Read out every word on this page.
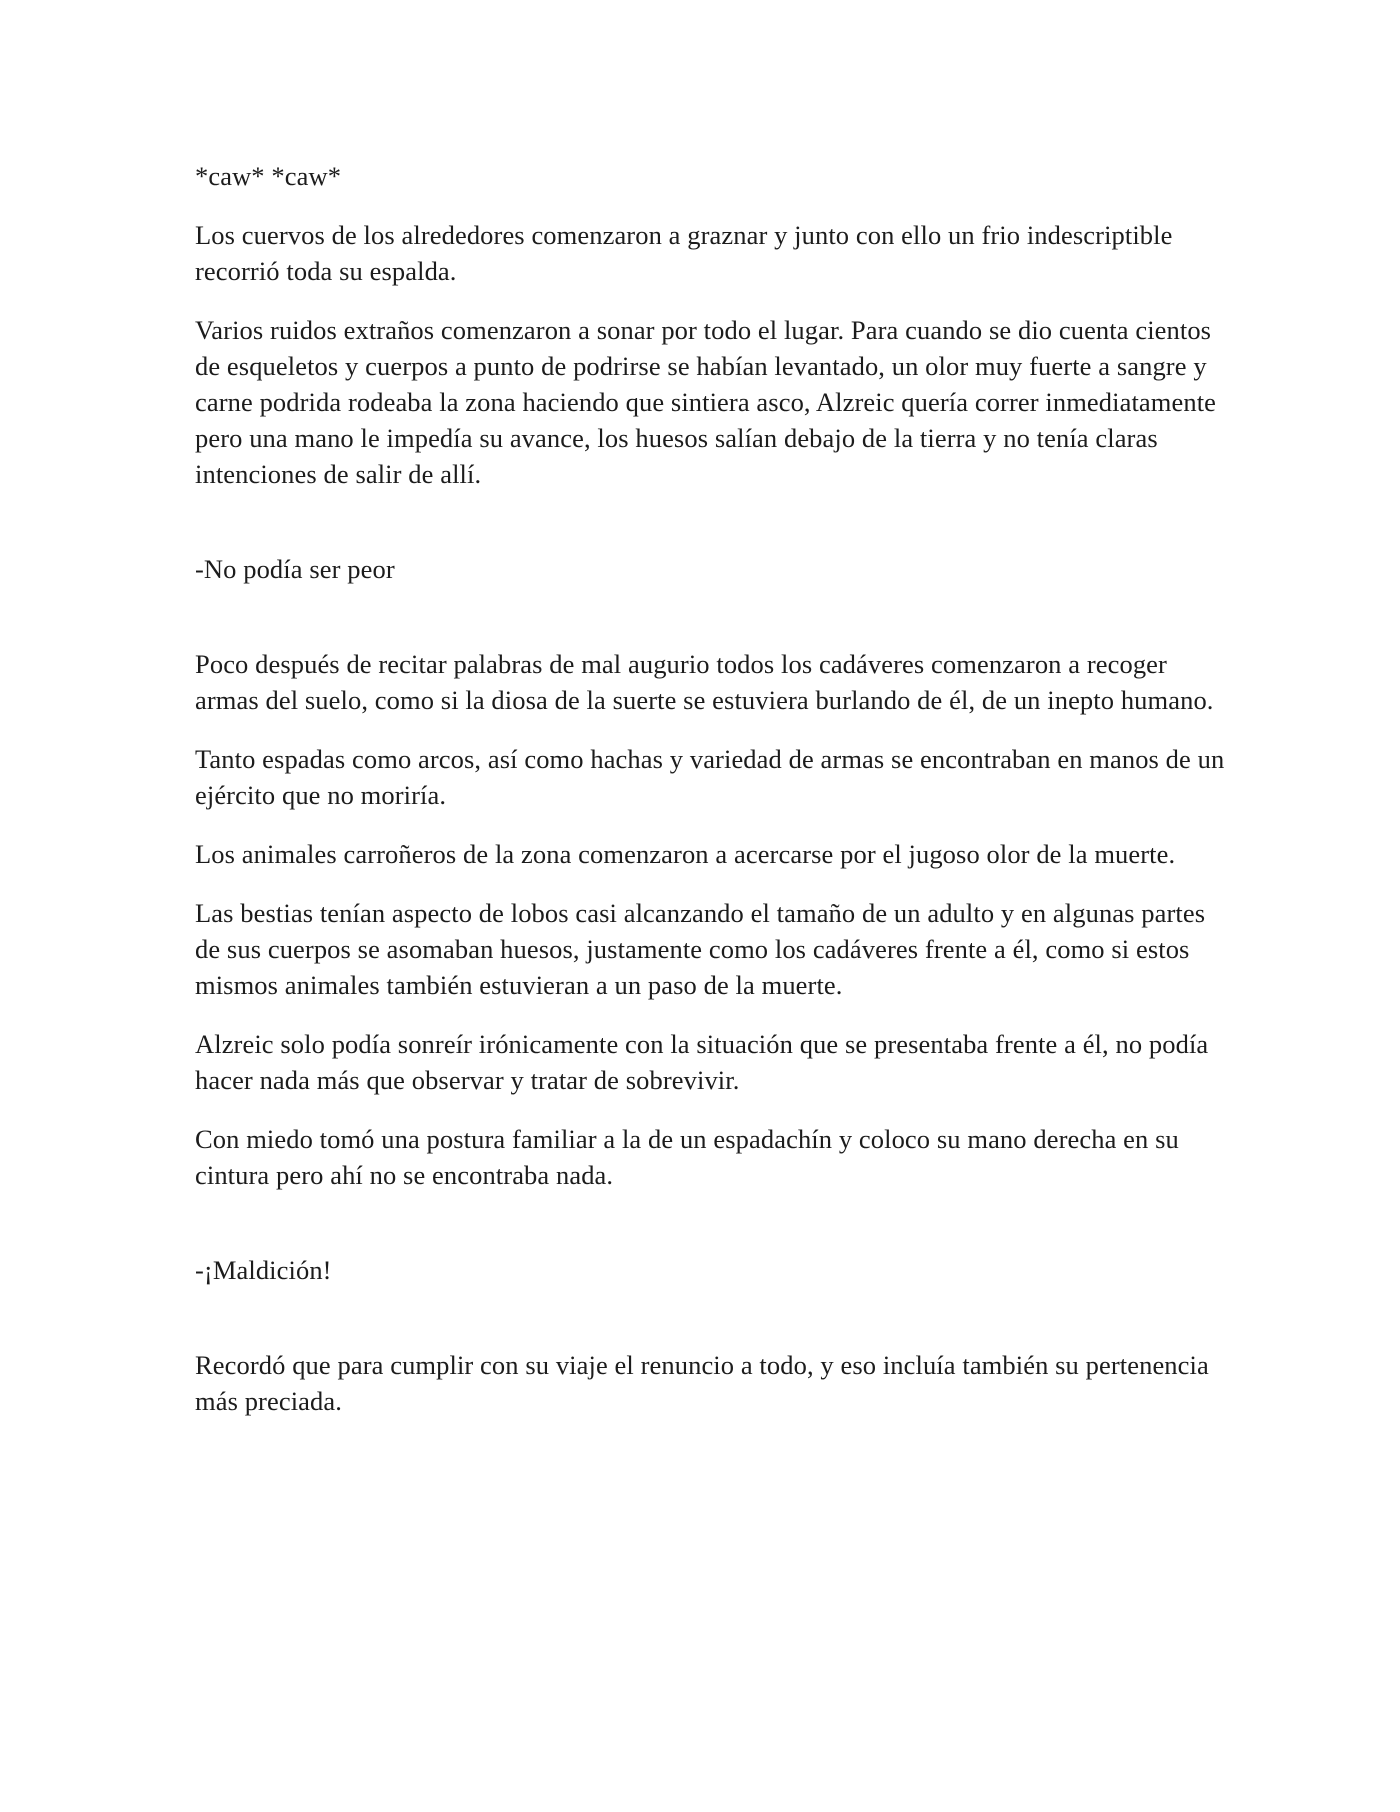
*caw* *caw*

Los cuervos de los alrededores comenzaron a graznar y junto con ello un frio indescriptible recorrió toda su espalda.

Varios ruidos extraños comenzaron a sonar por todo el lugar. Para cuando se dio cuenta cientos de esqueletos y cuerpos a punto de podrirse se habían levantado, un olor muy fuerte a sangre y carne podrida rodeaba la zona haciendo que sintiera asco, Alzreic quería correr inmediatamente pero una mano le impedía su avance, los huesos salían debajo de la tierra y no tenía claras intenciones de salir de allí.

-No podía ser peor

Poco después de recitar palabras de mal augurio todos los cadáveres comenzaron a recoger armas del suelo, como si la diosa de la suerte se estuviera burlando de él, de un inepto humano.

Tanto espadas como arcos, así como hachas y variedad de armas se encontraban en manos de un ejército que no moriría.

Los animales carroñeros de la zona comenzaron a acercarse por el jugoso olor de la muerte.

Las bestias tenían aspecto de lobos casi alcanzando el tamaño de un adulto y en algunas partes de sus cuerpos se asomaban huesos, justamente como los cadáveres frente a él, como si estos mismos animales también estuvieran a un paso de la muerte.

Alzreic solo podía sonreír irónicamente con la situación que se presentaba frente a él, no podía hacer nada más que observar y tratar de sobrevivir.

Con miedo tomó una postura familiar a la de un espadachín y coloco su mano derecha en su cintura pero ahí no se encontraba nada.

-¡Maldición!

Recordó que para cumplir con su viaje el renuncio a todo, y eso incluía también su pertenencia más preciada.
